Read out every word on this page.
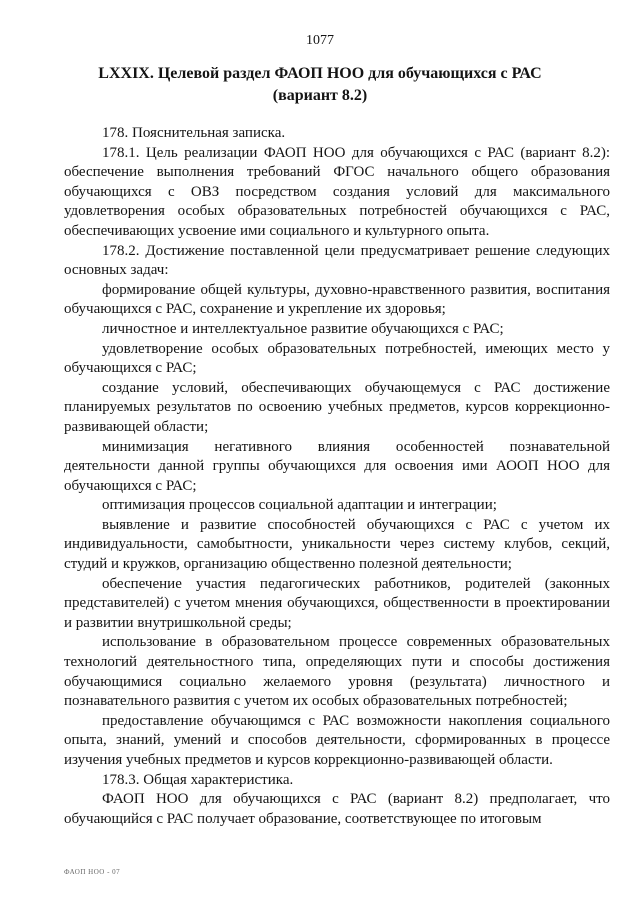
1077
LXXIX. Целевой раздел ФАОП НОО для обучающихся с РАС
(вариант 8.2)

178. Пояснительная записка.

178.1. Цель реализации ФАОП НОО для обучающихся с РАС (вариант 8.2): обеспечение выполнения требований ФГОС начального общего образования обучающихся с ОВЗ посредством создания условий для максимального удовлетворения особых образовательных потребностей обучающихся с РАС, обеспечивающих усвоение ими социального и культурного опыта.

178.2. Достижение поставленной цели предусматривает решение следующих основных задач:

формирование общей культуры, духовно-нравственного развития, воспитания обучающихся с РАС, сохранение и укрепление их здоровья;

личностное и интеллектуальное развитие обучающихся с РАС;

удовлетворение особых образовательных потребностей, имеющих место у обучающихся с РАС;

создание условий, обеспечивающих обучающемуся с РАС достижение планируемых результатов по освоению учебных предметов, курсов коррекционно-развивающей области;

минимизация негативного влияния особенностей познавательной деятельности данной группы обучающихся для освоения ими АООП НОО для обучающихся с РАС;

оптимизация процессов социальной адаптации и интеграции;

выявление и развитие способностей обучающихся с РАС с учетом их индивидуальности, самобытности, уникальности через систему клубов, секций, студий и кружков, организацию общественно полезной деятельности;

обеспечение участия педагогических работников, родителей (законных представителей) с учетом мнения обучающихся, общественности в проектировании и развитии внутришкольной среды;

использование в образовательном процессе современных образовательных технологий деятельностного типа, определяющих пути и способы достижения обучающимися социально желаемого уровня (результата) личностного и познавательного развития с учетом их особых образовательных потребностей;

предоставление обучающимся с РАС возможности накопления социального опыта, знаний, умений и способов деятельности, сформированных в процессе изучения учебных предметов и курсов коррекционно-развивающей области.

178.3. Общая характеристика.

ФАОП НОО для обучающихся с РАС (вариант 8.2) предполагает, что обучающийся с РАС получает образование, соответствующее по итоговым

ФАОП НОО - 07
